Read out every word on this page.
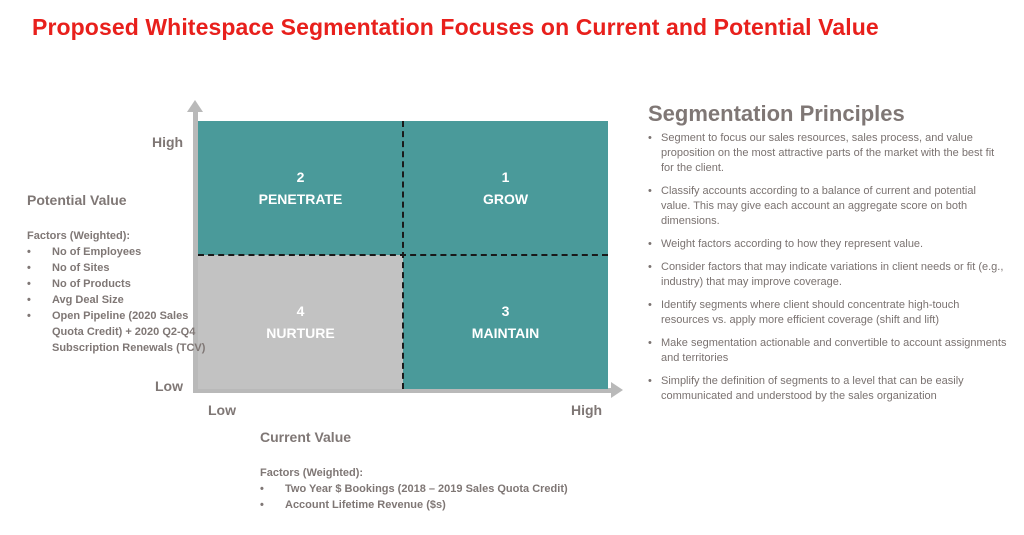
Proposed Whitespace Segmentation Focuses on Current and Potential Value
High
Low
Low	High
2
PENETRATE
1
GROW
4
NURTURE
3
MAINTAIN
Potential Value
Factors (Weighted):
• No of Employees
• No of Sites
• No of Products
• Avg Deal Size
• Open Pipeline (2020 Sales Quota Credit) + 2020 Q2-Q4 Subscription Renewals (TCV)
Current Value
Factors (Weighted):
• Two Year $ Bookings (2018 – 2019 Sales Quota Credit)
• Account Lifetime Revenue ($s)
Segmentation Principles
• Segment to focus our sales resources, sales process, and value proposition on the most attractive parts of the market with the best fit for the client.
• Classify accounts according to a balance of current and potential value. This may give each account an aggregate score on both dimensions.
• Weight factors according to how they represent value.
• Consider factors that may indicate variations in client needs or fit (e.g., industry) that may improve coverage.
• Identify segments where client should concentrate high-touch resources vs. apply more efficient coverage (shift and lift)
• Make segmentation actionable and convertible to account assignments and territories
• Simplify the definition of segments to a level that can be easily communicated and understood by the sales organization
